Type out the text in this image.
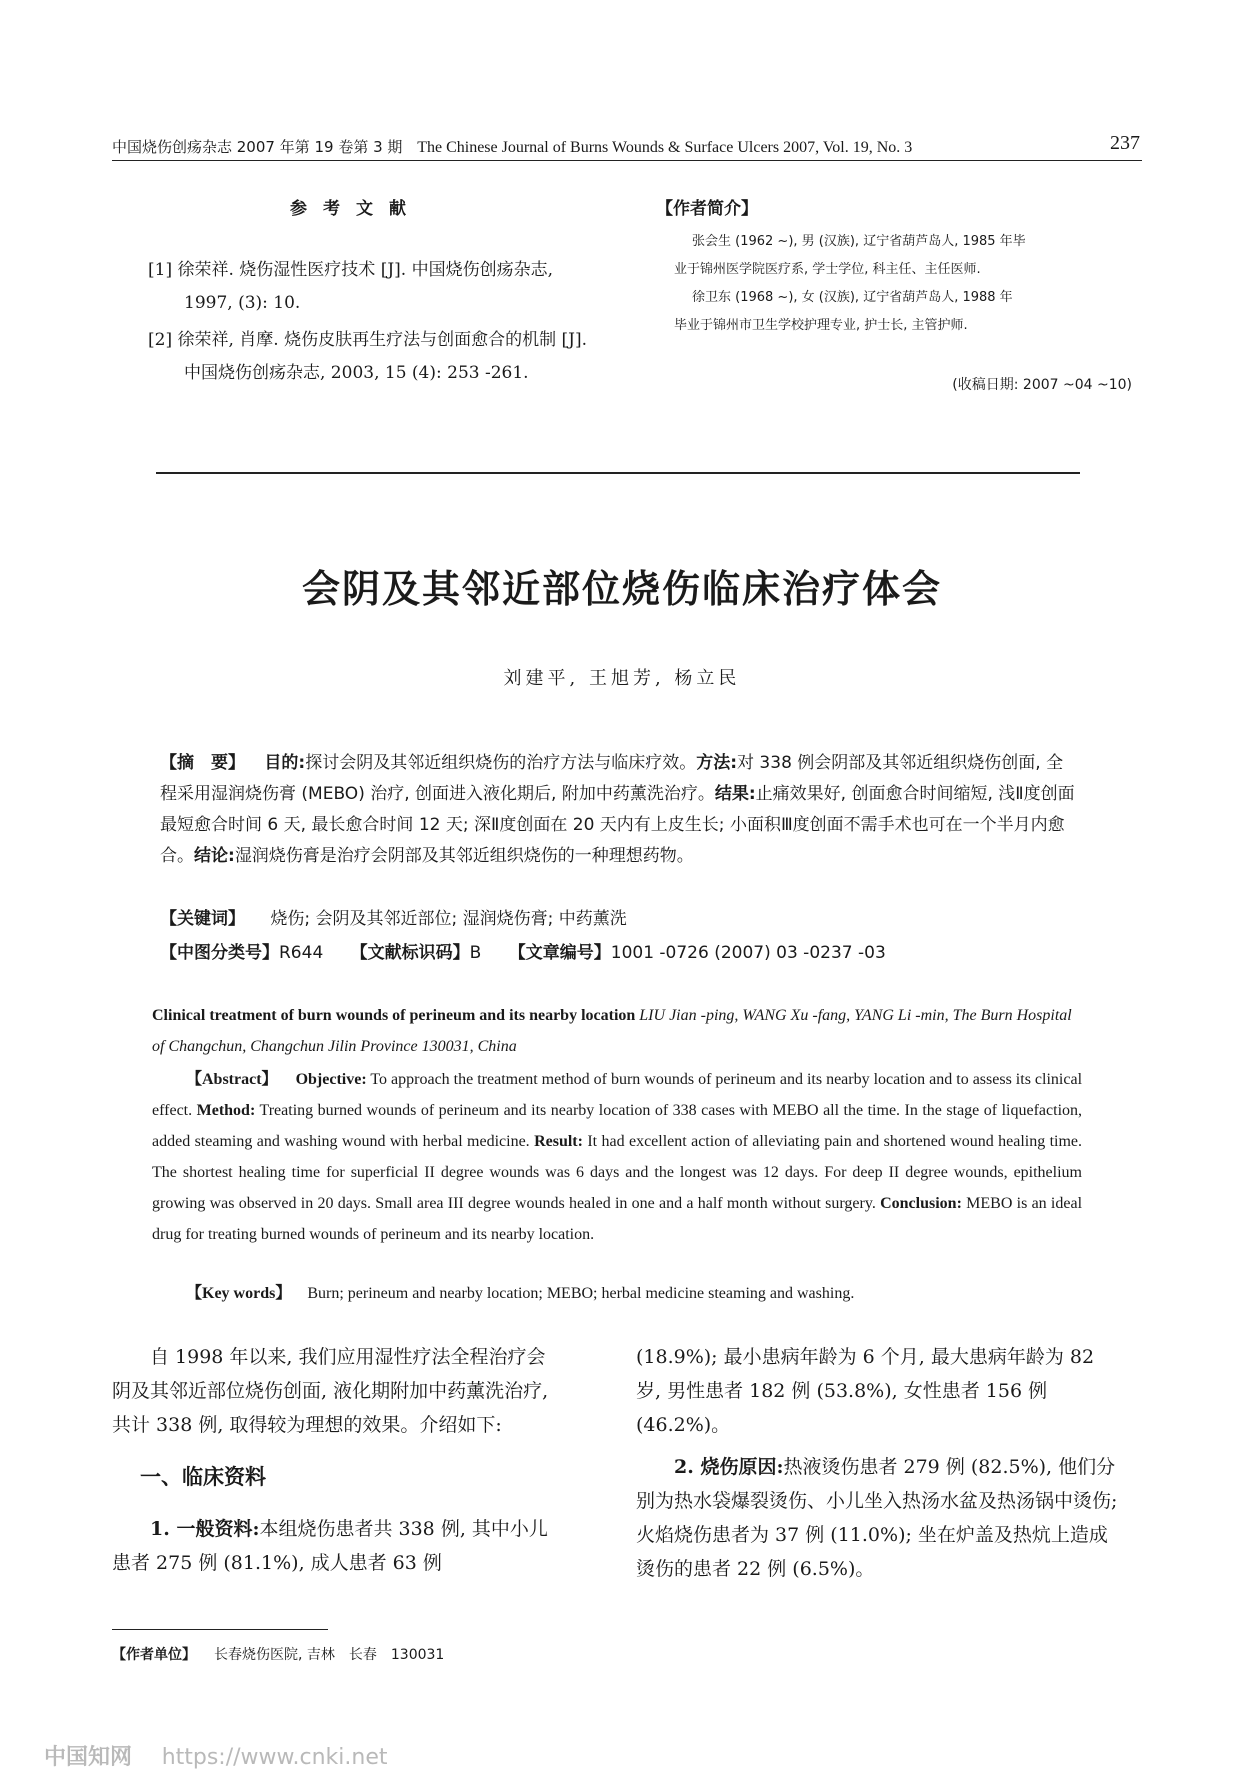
中国烧伤创疡杂志 2007 年第 19 卷第 3 期 The Chinese Journal of Burns Wounds & Surface Ulcers 2007, Vol. 19, No. 3	237
参考文献
[1] 徐荣祥. 烧伤湿性医疗技术 [J]. 中国烧伤创疡杂志, 1997, (3): 10.
[2] 徐荣祥, 肖摩. 烧伤皮肤再生疗法与创面愈合的机制 [J]. 中国烧伤创疡杂志, 2003, 15 (4): 253 -261.
【作者简介】

张会生 (1962 ~), 男 (汉族), 辽宁省葫芦岛人, 1985 年毕

业于锦州医学院医疗系, 学士学位, 科主任、主任医师.

徐卫东 (1968 ~), 女 (汉族), 辽宁省葫芦岛人, 1988 年

毕业于锦州市卫生学校护理专业, 护士长, 主管护师.

(收稿日期: 2007 ~04 ~10)
会阴及其邻近部位烧伤临床治疗体会
刘建平, 王旭芳, 杨立民
【摘　要】 目的:探讨会阴及其邻近组织烧伤的治疗方法与临床疗效。方法:对 338 例会阴部及其邻近组织烧伤创面, 全程采用湿润烧伤膏 (MEBO) 治疗, 创面进入液化期后, 附加中药薰洗治疗。结果:止痛效果好, 创面愈合时间缩短, 浅Ⅱ度创面最短愈合时间 6 天, 最长愈合时间 12 天; 深Ⅱ度创面在 20 天内有上皮生长; 小面积Ⅲ度创面不需手术也可在一个半月内愈合。结论:湿润烧伤膏是治疗会阴部及其邻近组织烧伤的一种理想药物。
【关键词】 烧伤; 会阴及其邻近部位; 湿润烧伤膏; 中药薰洗
【中图分类号】R644 【文献标识码】B 【文章编号】1001 -0726 (2007) 03 -0237 -03
Clinical treatment of burn wounds of perineum and its nearby location LIU Jian -ping, WANG Xu -fang, YANG Li -min, The Burn Hospital of Changchun, Changchun Jilin Province 130031, China
【Abstract】 Objective: To approach the treatment method of burn wounds of perineum and its nearby location and to assess its clinical effect. Method: Treating burned wounds of perineum and its nearby location of 338 cases with MEBO all the time. In the stage of liquefaction, added steaming and washing wound with herbal medicine. Result: It had excellent action of alleviating pain and shortened wound healing time. The shortest healing time for superficial II degree wounds was 6 days and the longest was 12 days. For deep II degree wounds, epithelium growing was observed in 20 days. Small area III degree wounds healed in one and a half month without surgery. Conclusion: MEBO is an ideal drug for treating burned wounds of perineum and its nearby location.
【Key words】 Burn; perineum and nearby location; MEBO; herbal medicine steaming and washing.

自 1998 年以来, 我们应用湿性疗法全程治疗会阴及其邻近部位烧伤创面, 液化期附加中药薰洗治疗, 共计 338 例, 取得较为理想的效果。介绍如下:

一、临床资料

1. 一般资料:本组烧伤患者共 338 例, 其中小儿患者 275 例 (81.1%), 成人患者 63 例

(18.9%); 最小患病年龄为 6 个月, 最大患病年龄为 82 岁, 男性患者 182 例 (53.8%), 女性患者 156 例 (46.2%)。

2. 烧伤原因:热液烫伤患者 279 例 (82.5%), 他们分别为热水袋爆裂烫伤、小儿坐入热汤水盆及热汤锅中烫伤; 火焰烧伤患者为 37 例 (11.0%); 坐在炉盖及热炕上造成烫伤的患者 22 例 (6.5%)。

【作者单位】 长春烧伤医院, 吉林　长春　130031
中国知网 https://www.cnki.net
